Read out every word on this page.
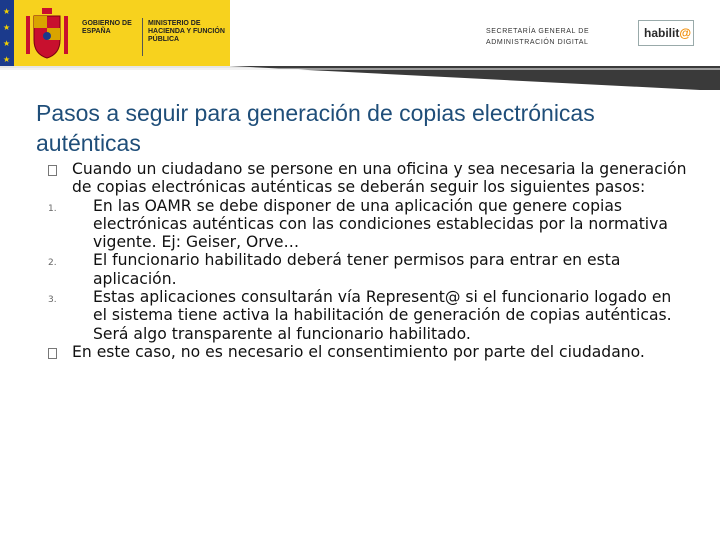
★
★
★
★
GOBIERNO DE ESPAÑA
MINISTERIO DE HACIENDA Y FUNCIÓN PÚBLICA
SECRETARÍA GENERAL DE ADMINISTRACIÓN DIGITAL
habilit@
Pasos a seguir para generación de copias electrónicas auténticas

Cuando un ciudadano se persone en una oficina y sea necesaria la generación de copias electrónicas auténticas se deberán seguir los siguientes pasos:

1. En las OAMR se debe disponer de una aplicación que genere copias electrónicas auténticas con las condiciones establecidas por la normativa vigente. Ej: Geiser, Orve…

2. El funcionario habilitado deberá tener permisos para entrar en esta aplicación.

3. Estas aplicaciones consultarán vía Represent@ si el funcionario logado en el sistema tiene activa la habilitación de generación de copias auténticas. Será algo transparente al funcionario habilitado.

En este caso, no es necesario el consentimiento por parte del ciudadano.
